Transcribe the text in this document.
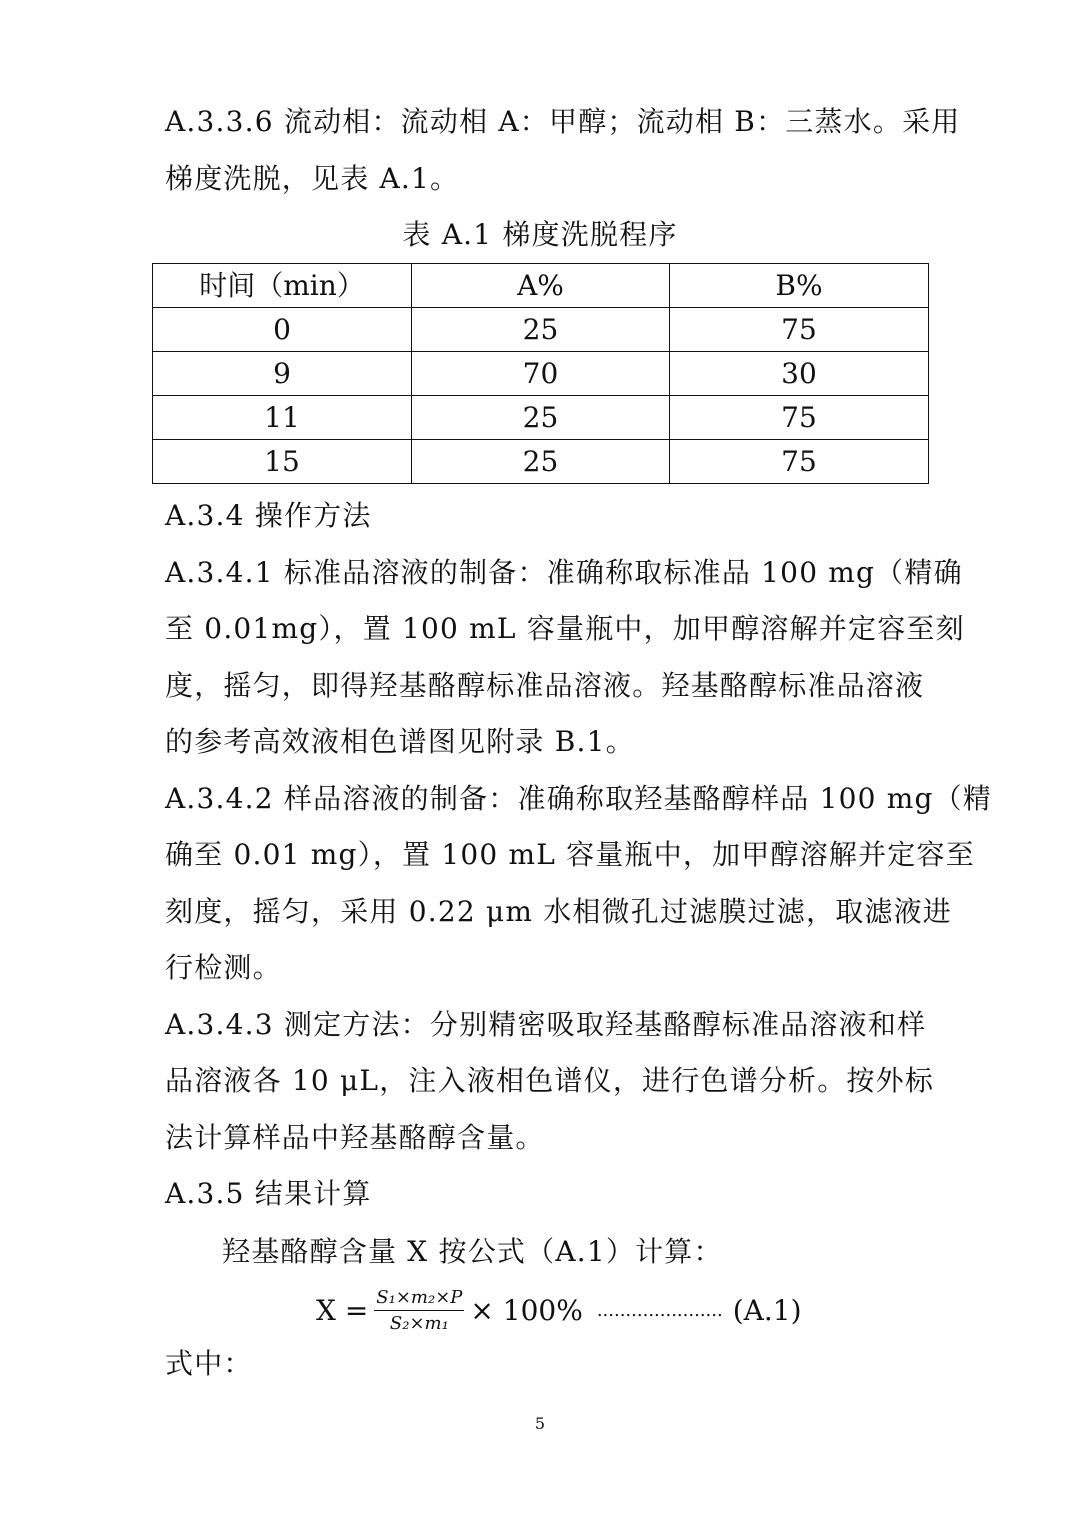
A.3.3.6 流动相：流动相 A：甲醇；流动相 B：三蒸水。采用
梯度洗脱，见表 A.1。
表 A.1 梯度洗脱程序
时间（min）	A%	B%
0	25	75
9	70	30
11	25	75
15	25	75
A.3.4 操作方法
A.3.4.1 标准品溶液的制备：准确称取标准品 100 mg（精确
至 0.01mg），置 100 mL 容量瓶中，加甲醇溶解并定容至刻
度，摇匀，即得羟基酪醇标准品溶液。羟基酪醇标准品溶液
的参考高效液相色谱图见附录 B.1。
A.3.4.2 样品溶液的制备：准确称取羟基酪醇样品 100 mg（精
确至 0.01 mg），置 100 mL 容量瓶中，加甲醇溶解并定容至
刻度，摇匀，采用 0.22 μm 水相微孔过滤膜过滤，取滤液进
行检测。
A.3.4.3 测定方法：分别精密吸取羟基酪醇标准品溶液和样
品溶液各 10 μL，注入液相色谱仪，进行色谱分析。按外标
法计算样品中羟基酪醇含量。
A.3.5 结果计算
羟基酪醇含量 X 按公式（A.1）计算：
$X = \frac{\text{S₁×m₂×P}}{\text{S₂×m₁}} \times 100\%$ ...................... (A.1)
式中：
5
